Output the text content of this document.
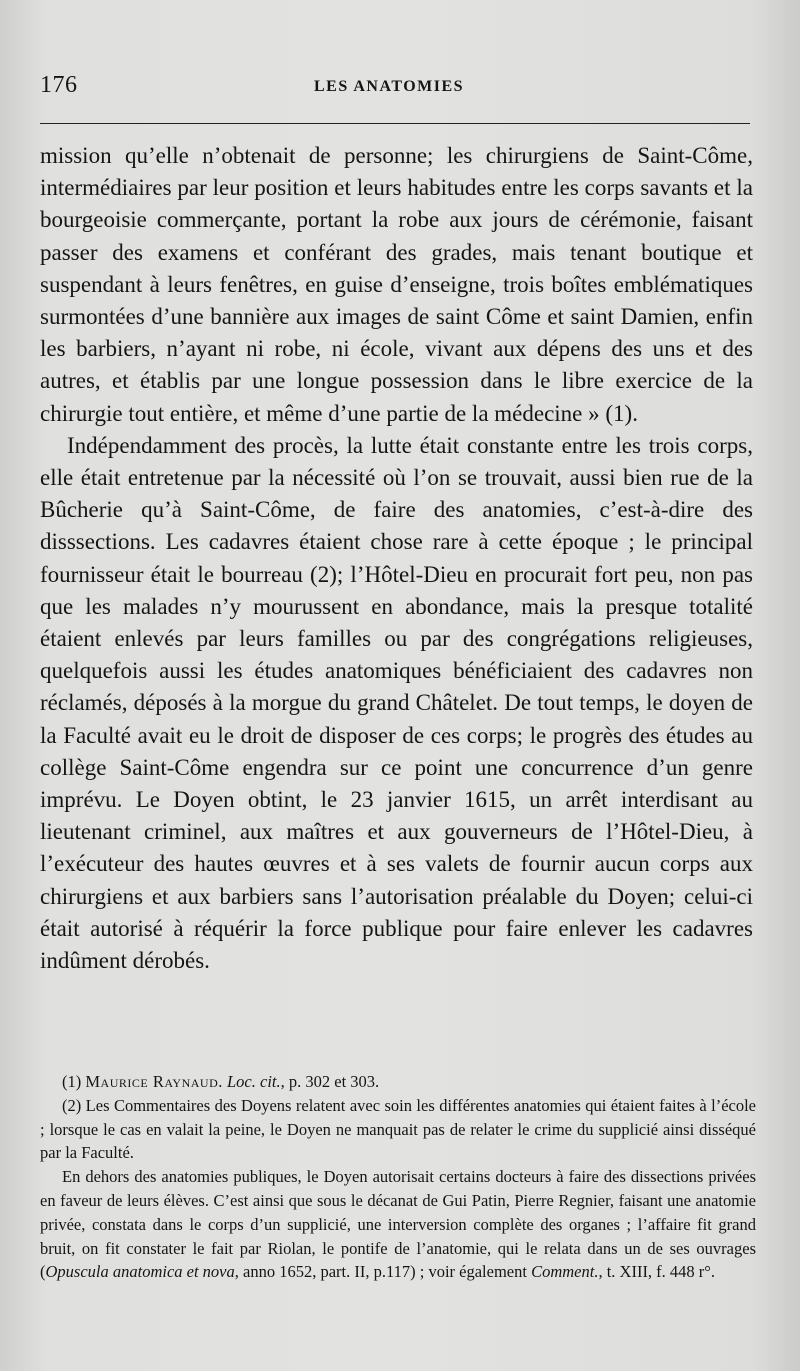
176	LES ANATOMIES

mission qu’elle n’obtenait de personne; les chirurgiens de Saint-Côme, intermédiaires par leur position et leurs habitudes entre les corps savants et la bourgeoisie commerçante, portant la robe aux jours de cérémonie, faisant passer des examens et conférant des grades, mais tenant boutique et suspendant à leurs fenêtres, en guise d’enseigne, trois boîtes emblématiques surmontées d’une bannière aux images de saint Côme et saint Damien, enfin les barbiers, n’ayant ni robe, ni école, vivant aux dépens des uns et des autres, et établis par une longue possession dans le libre exercice de la chirurgie tout entière, et même d’une partie de la médecine » (1).

Indépendamment des procès, la lutte était constante entre les trois corps, elle était entretenue par la nécessité où l’on se trouvait, aussi bien rue de la Bûcherie qu’à Saint-Côme, de faire des anatomies, c’est-à-dire des disssections. Les cadavres étaient chose rare à cette époque ; le principal fournisseur était le bourreau (2); l’Hôtel-Dieu en procurait fort peu, non pas que les malades n’y mourussent en abondance, mais la presque totalité étaient enlevés par leurs familles ou par des congrégations religieuses, quelquefois aussi les études anatomiques bénéficiaient des cadavres non réclamés, déposés à la morgue du grand Châtelet. De tout temps, le doyen de la Faculté avait eu le droit de disposer de ces corps; le progrès des études au collège Saint-Côme engendra sur ce point une concurrence d’un genre imprévu. Le Doyen obtint, le 23 janvier 1615, un arrêt interdisant au lieutenant criminel, aux maîtres et aux gouverneurs de l’Hôtel-Dieu, à l’exécuteur des hautes œuvres et à ses valets de fournir aucun corps aux chirurgiens et aux barbiers sans l’autorisation préalable du Doyen; celui-ci était autorisé à réquérir la force publique pour faire enlever les cadavres indûment dérobés.

(1) Maurice Raynaud. Loc. cit., p. 302 et 303.

(2) Les Commentaires des Doyens relatent avec soin les différentes anatomies qui étaient faites à l’école ; lorsque le cas en valait la peine, le Doyen ne manquait pas de relater le crime du supplicié ainsi disséqué par la Faculté.

En dehors des anatomies publiques, le Doyen autorisait certains docteurs à faire des dissections privées en faveur de leurs élèves. C’est ainsi que sous le décanat de Gui Patin, Pierre Regnier, faisant une anatomie privée, constata dans le corps d’un supplicié, une interversion complète des organes ; l’affaire fit grand bruit, on fit constater le fait par Riolan, le pontife de l’anatomie, qui le relata dans un de ses ouvrages (Opuscula anatomica et nova, anno 1652, part. II, p.117) ; voir également Comment., t. XIII, f. 448 r°.
